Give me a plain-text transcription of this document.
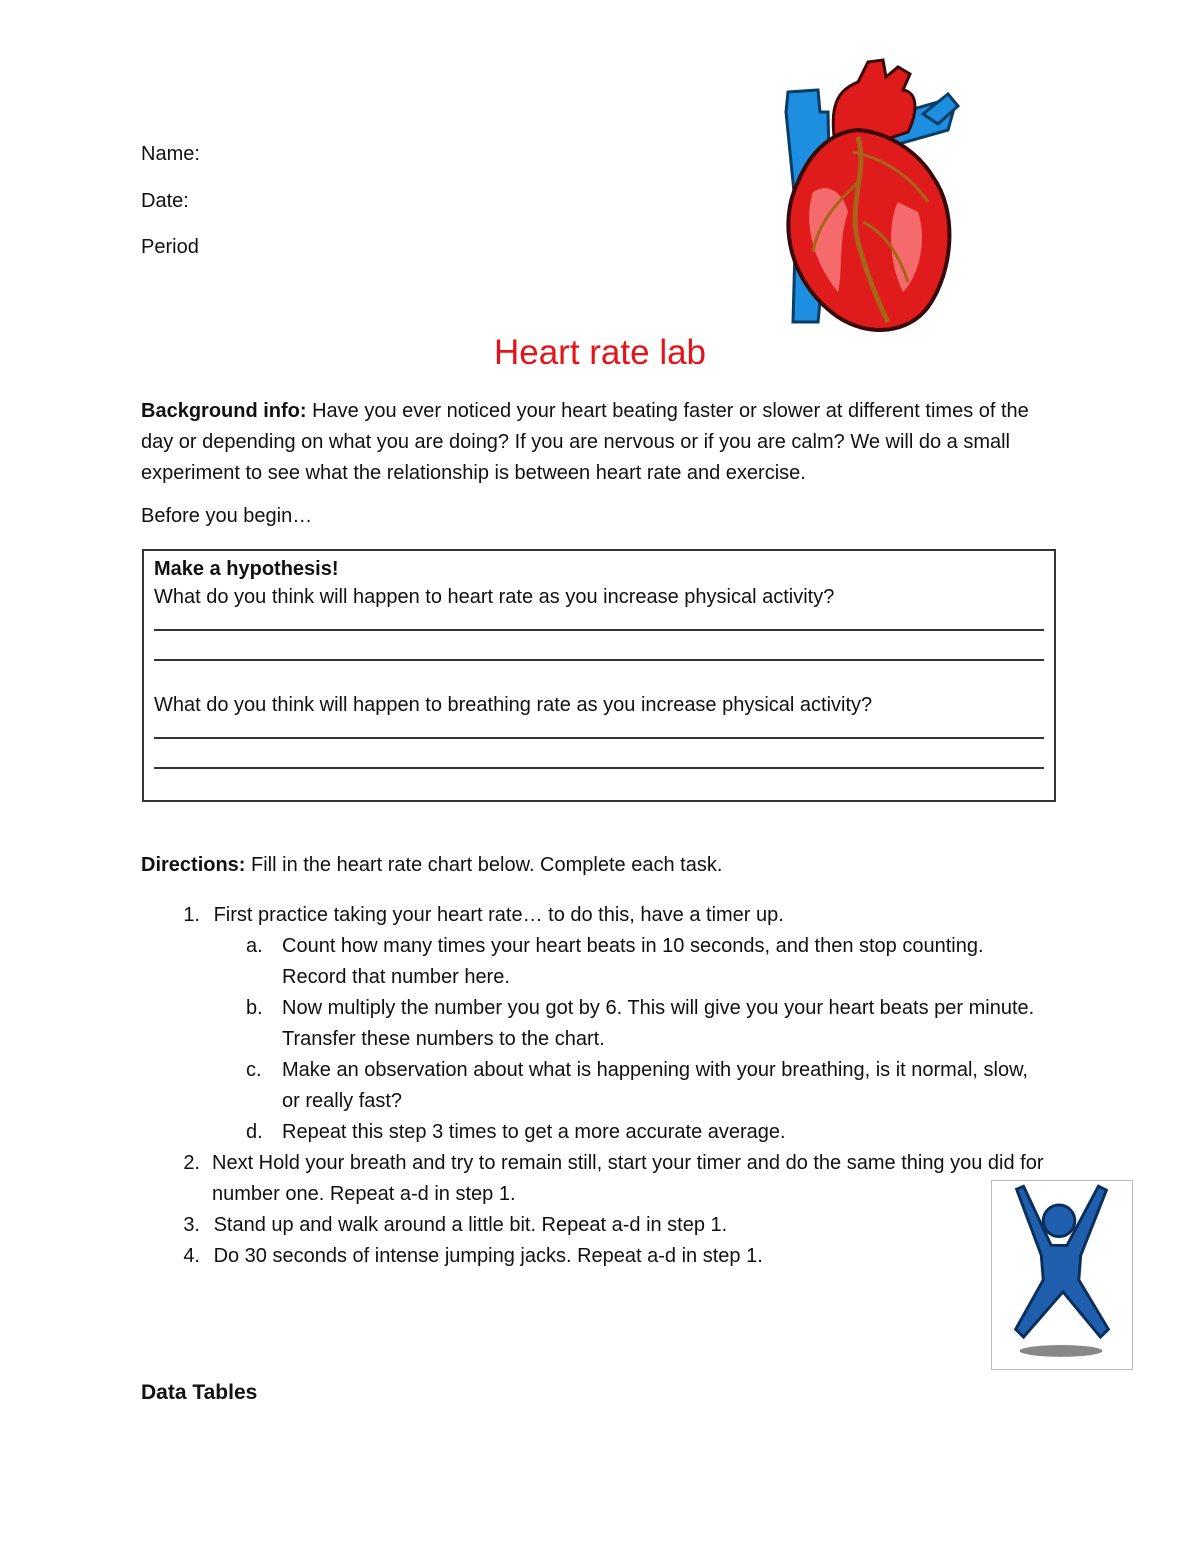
Name:
Date:
Period
Heart rate lab
Background info: Have you ever noticed your heart beating faster or slower at different times of the day or depending on what you are doing? If you are nervous or if you are calm? We will do a small experiment to see what the relationship is between heart rate and exercise.
Before you begin…
Make a hypothesis!
What do you think will happen to heart rate as you increase physical activity?
What do you think will happen to breathing rate as you increase physical activity?
Directions: Fill in the heart rate chart below. Complete each task.
1. First practice taking your heart rate… to do this, have a timer up.
a. Count how many times your heart beats in 10 seconds, and then stop counting. Record that number here.
b. Now multiply the number you got by 6. This will give you your heart beats per minute. Transfer these numbers to the chart.
c.	Make an observation about what is happening with your breathing, is it normal, slow, or really fast?
d. Repeat this step 3 times to get a more accurate average.
2. Next Hold your breath and try to remain still, start your timer and do the same thing you did for number one. Repeat a-d in step 1.
3. Stand up and walk around a little bit. Repeat a-d in step 1.
4. Do 30 seconds of intense jumping jacks. Repeat a-d in step 1.
Data Tables
